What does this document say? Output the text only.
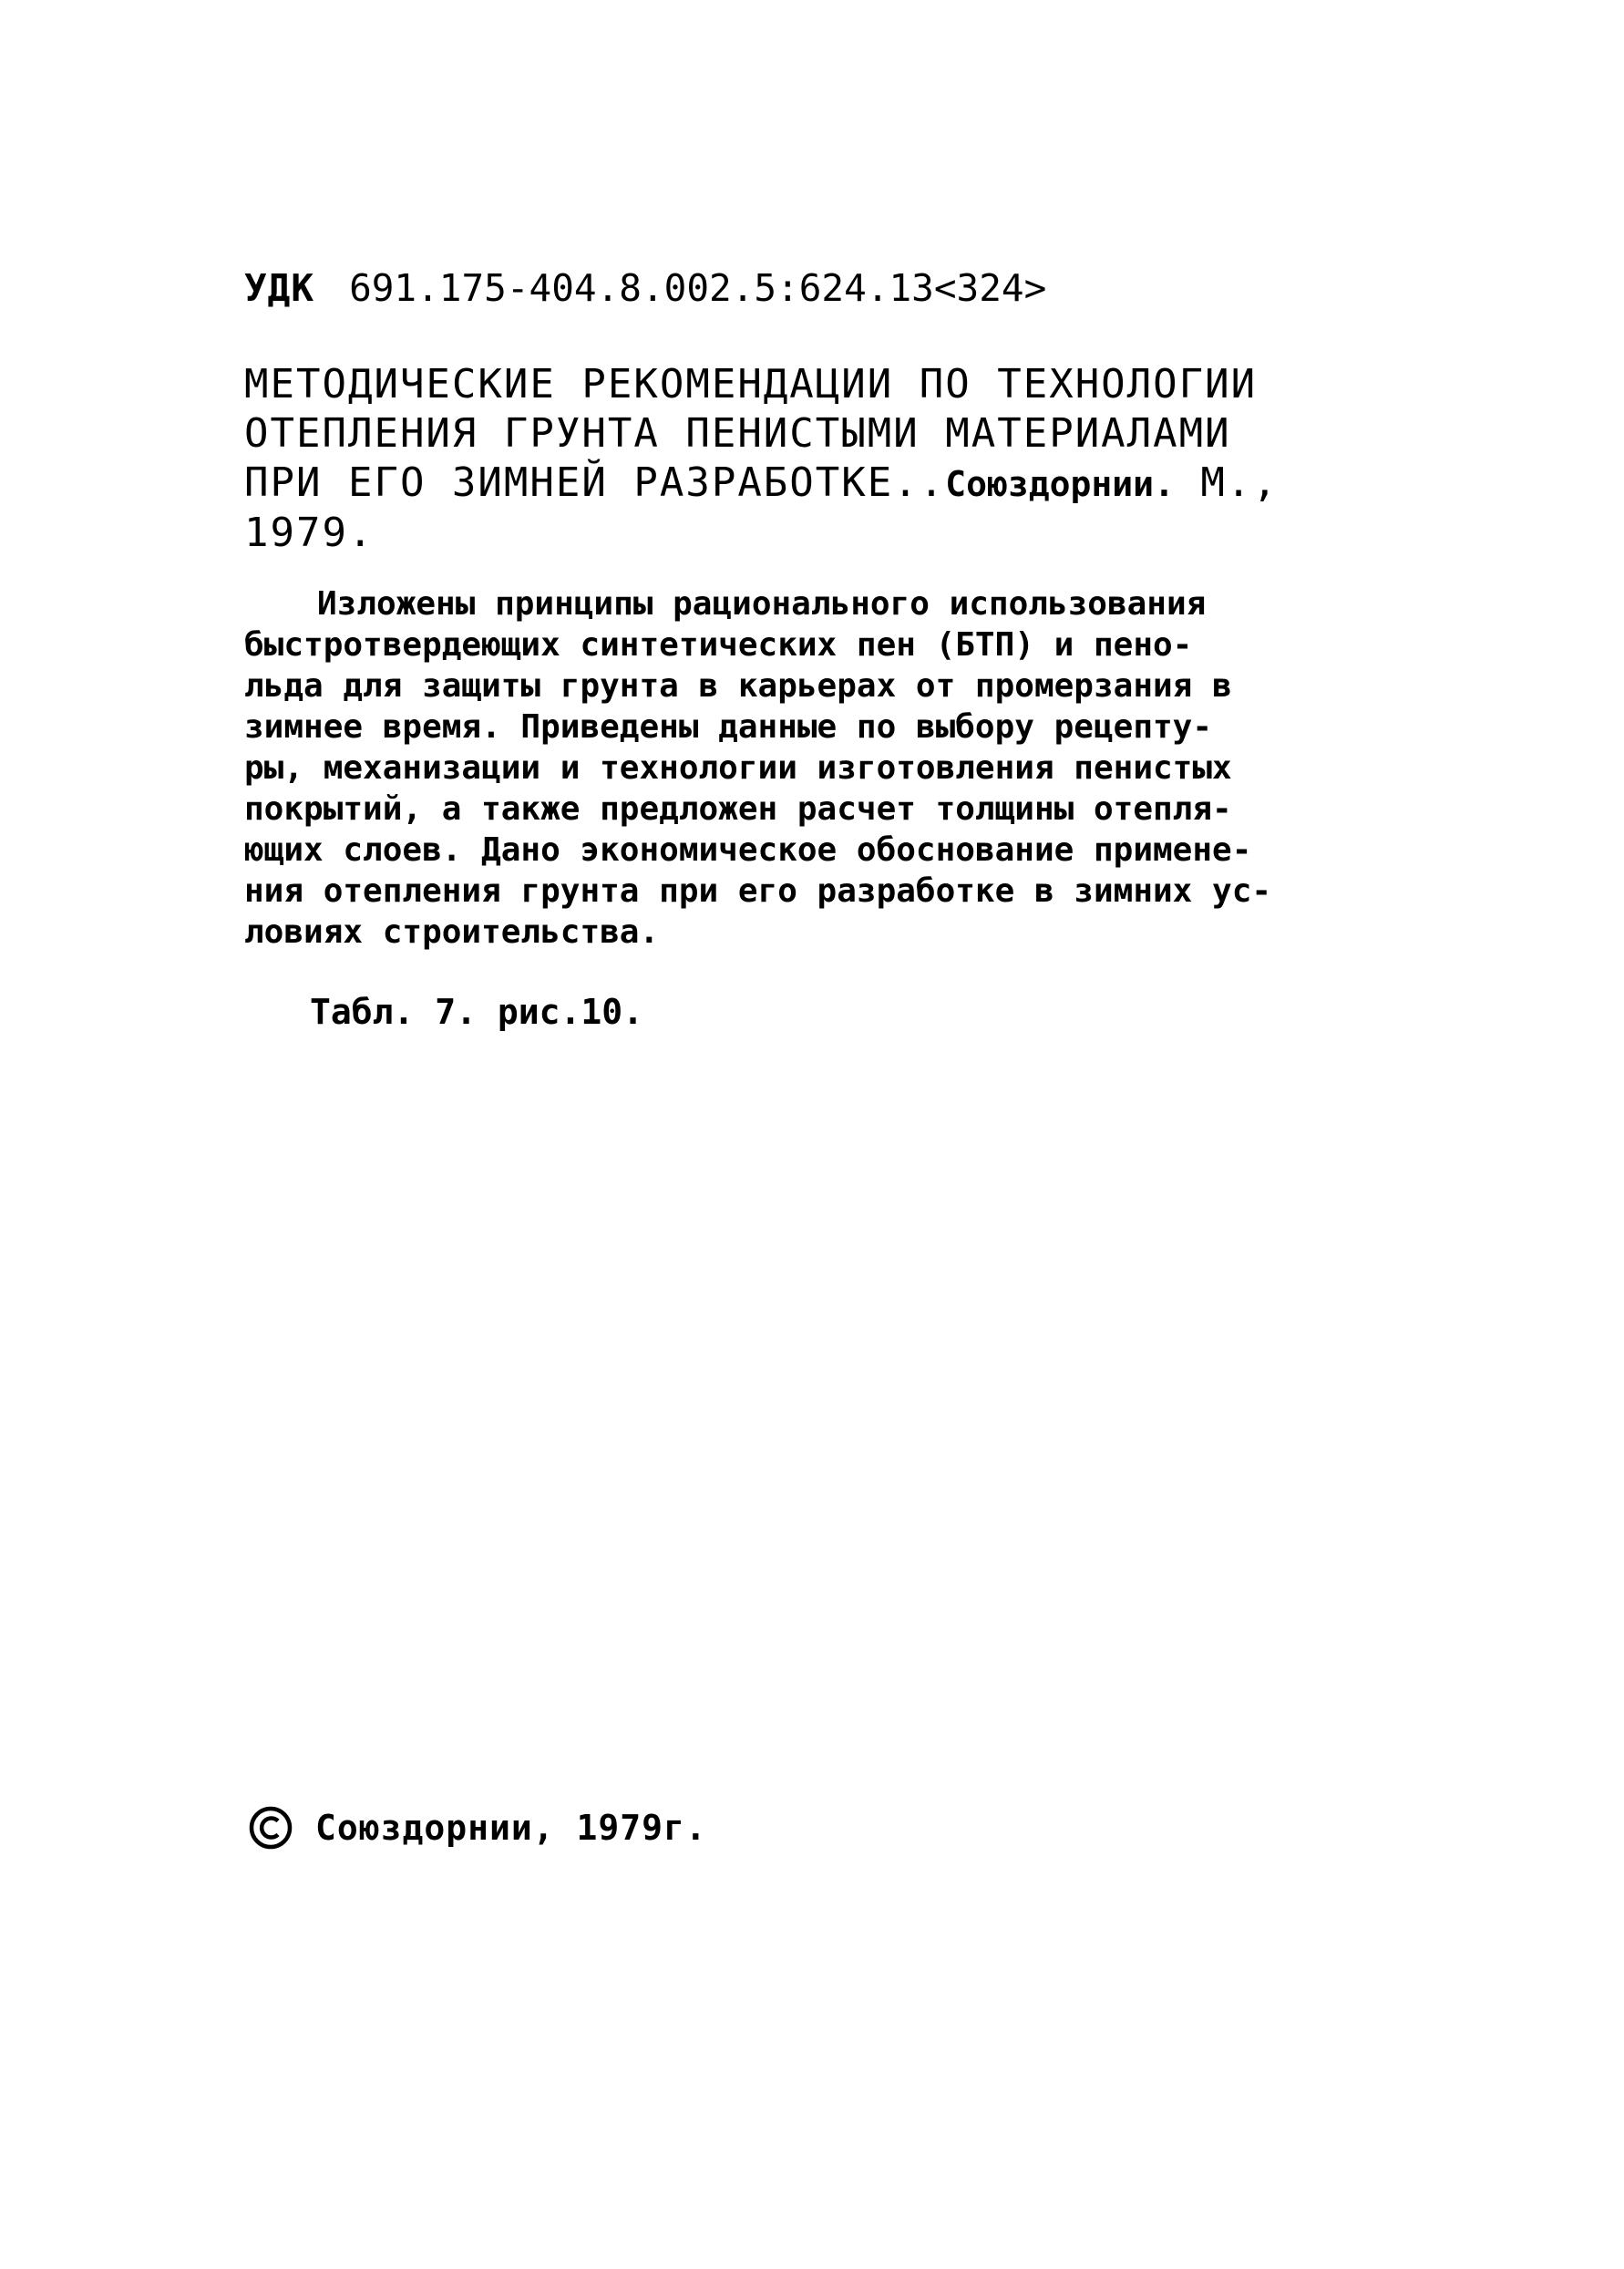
УДК 691.175-404.8.002.5:624.13<324>
МЕТОДИЧЕСКИЕ РЕКОМЕНДАЦИИ ПО ТЕХНОЛОГИИ
ОТЕПЛЕНИЯ ГРУНТА ПЕНИСТЫМИ МАТЕРИАЛАМИ
ПРИ ЕГО ЗИМНЕЙ РАЗРАБОТКЕ..Союздорнии. М.,
1979.
Изложены принципы рационального использования
быстротвердеющих синтетических пен (БТП) и пено-
льда для защиты грунта в карьерах от промерзания в
зимнее время. Приведены данные по выбору рецепту-
ры, механизации и технологии изготовления пенистых
покрытий, а также предложен расчет толщины отепля-
ющих слоев. Дано экономическое обоснование примене-
ния отепления грунта при его разработке в зимних ус-
ловиях строительства.
Табл. 7. рис.10.
Союздорнии, 1979г.
